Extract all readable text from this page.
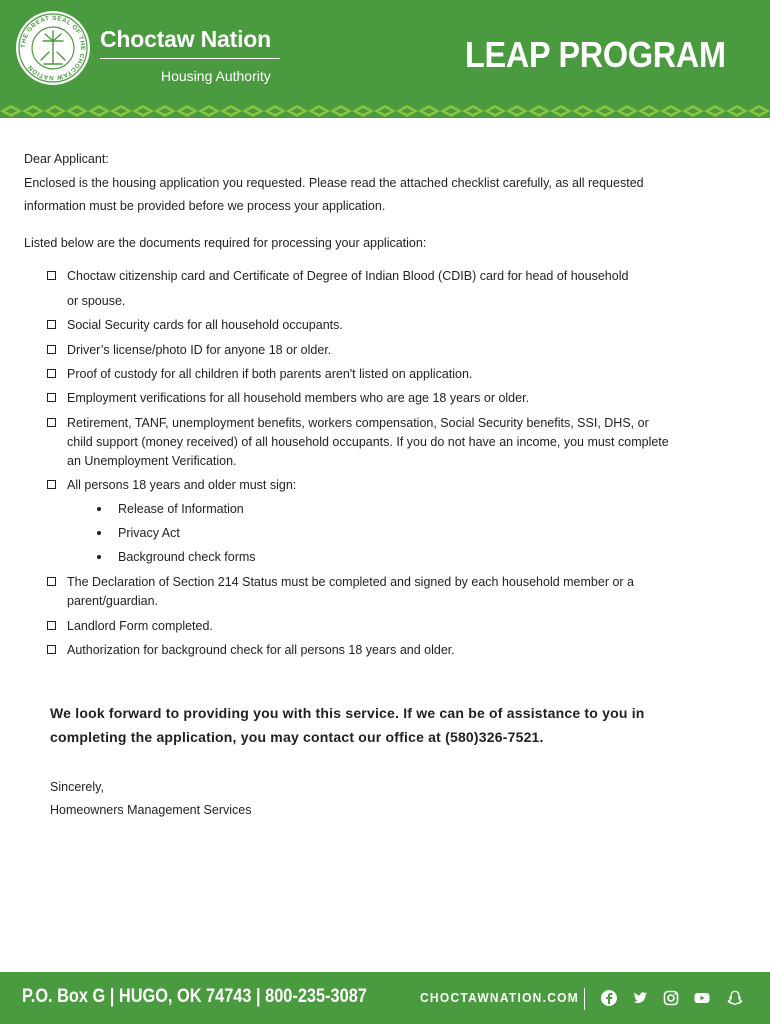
THE GREAT SEAL OF THE CHOCTAW NATION
Choctaw Nation
Housing Authority
LEAP PROGRAM
Dear Applicant:
Enclosed is the housing application you requested. Please read the attached checklist carefully, as all requested
information must be provided before we process your application.
Listed below are the documents required for processing your application:
Choctaw citizenship card and Certificate of Degree of Indian Blood (CDIB) card for head of household
or spouse.
Social Security cards for all household occupants.
Driver’s license/photo ID for anyone 18 or older.
Proof of custody for all children if both parents aren't listed on application.
Employment verifications for all household members who are age 18 years or older.
Retirement, TANF, unemployment benefits, workers compensation, Social Security benefits, SSI, DHS, or
child support (money received) of all household occupants. If you do not have an income, you must complete
an Unemployment Verification.
All persons 18 years and older must sign:
Release of Information
Privacy Act
Background check forms
The Declaration of Section 214 Status must be completed and signed by each household member or a
parent/guardian.
Landlord Form completed.
Authorization for background check for all persons 18 years and older.
We look forward to providing you with this service. If we can be of assistance to you in
completing the application, you may contact our office at (580)326-7521.
Sincerely,
Homeowners Management Services
P.O. Box G | HUGO, OK 74743 | 800-235-3087	CHOCTAWNATION.COM
